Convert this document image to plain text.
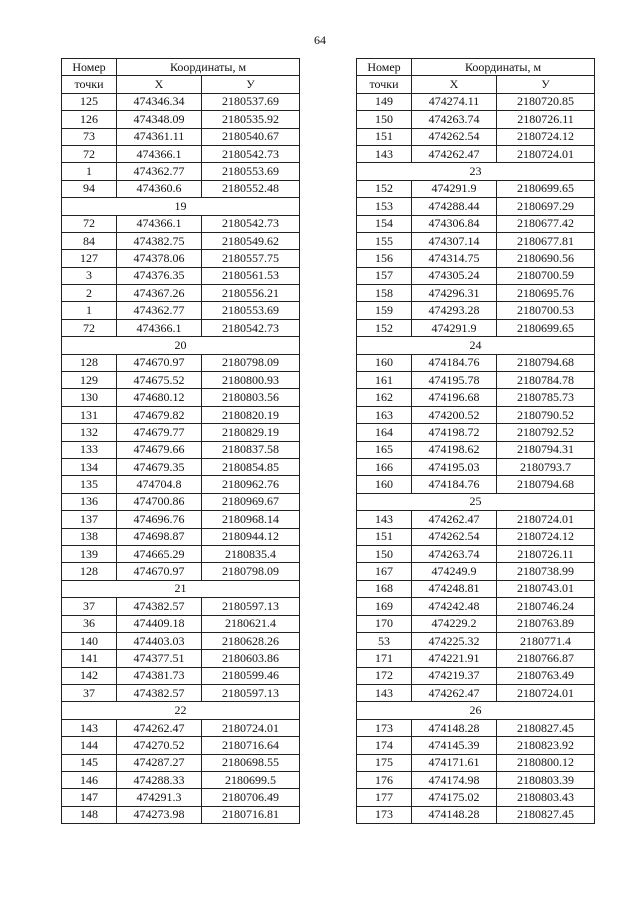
64
Номер	Координаты, м	
точки	X	У
125	474346.34	2180537.69
126	474348.09	2180535.92
73	474361.11	2180540.67
72	474366.1	2180542.73
1	474362.77	2180553.69
94	474360.6	2180552.48
19		
72	474366.1	2180542.73
84	474382.75	2180549.62
127	474378.06	2180557.75
3	474376.35	2180561.53
2	474367.26	2180556.21
1	474362.77	2180553.69
72	474366.1	2180542.73
20		
128	474670.97	2180798.09
129	474675.52	2180800.93
130	474680.12	2180803.56
131	474679.82	2180820.19
132	474679.77	2180829.19
133	474679.66	2180837.58
134	474679.35	2180854.85
135	474704.8	2180962.76
136	474700.86	2180969.67
137	474696.76	2180968.14
138	474698.87	2180944.12
139	474665.29	2180835.4
128	474670.97	2180798.09
21		
37	474382.57	2180597.13
36	474409.18	2180621.4
140	474403.03	2180628.26
141	474377.51	2180603.86
142	474381.73	2180599.46
37	474382.57	2180597.13
22		
143	474262.47	2180724.01
144	474270.52	2180716.64
145	474287.27	2180698.55
146	474288.33	2180699.5
147	474291.3	2180706.49
148	474273.98	2180716.81
Номер	Координаты, м	
точки	X	У
149	474274.11	2180720.85
150	474263.74	2180726.11
151	474262.54	2180724.12
143	474262.47	2180724.01
23		
152	474291.9	2180699.65
153	474288.44	2180697.29
154	474306.84	2180677.42
155	474307.14	2180677.81
156	474314.75	2180690.56
157	474305.24	2180700.59
158	474296.31	2180695.76
159	474293.28	2180700.53
152	474291.9	2180699.65
24		
160	474184.76	2180794.68
161	474195.78	2180784.78
162	474196.68	2180785.73
163	474200.52	2180790.52
164	474198.72	2180792.52
165	474198.62	2180794.31
166	474195.03	2180793.7
160	474184.76	2180794.68
25		
143	474262.47	2180724.01
151	474262.54	2180724.12
150	474263.74	2180726.11
167	474249.9	2180738.99
168	474248.81	2180743.01
169	474242.48	2180746.24
170	474229.2	2180763.89
53	474225.32	2180771.4
171	474221.91	2180766.87
172	474219.37	2180763.49
143	474262.47	2180724.01
26		
173	474148.28	2180827.45
174	474145.39	2180823.92
175	474171.61	2180800.12
176	474174.98	2180803.39
177	474175.02	2180803.43
173	474148.28	2180827.45
